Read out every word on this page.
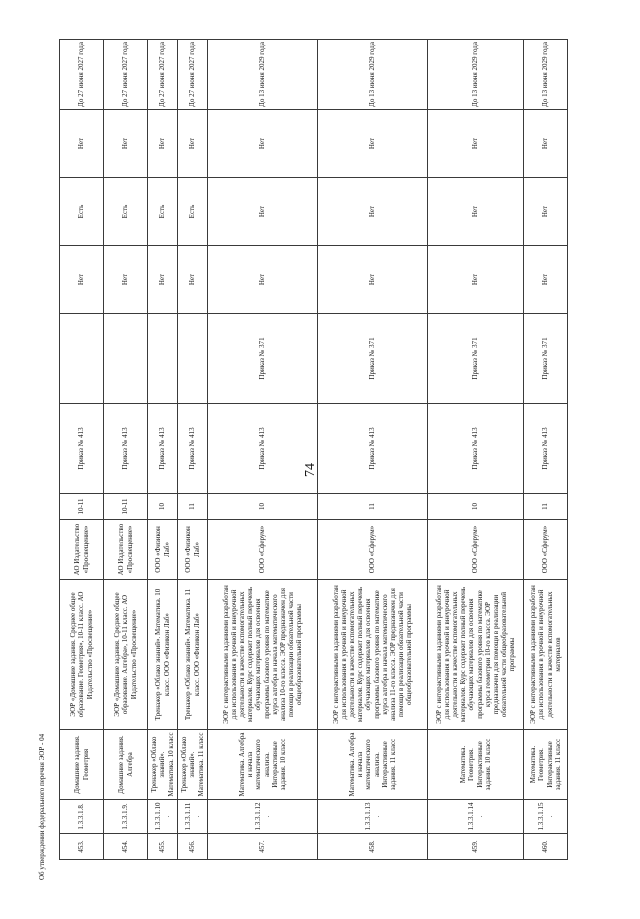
74
453.	1.3.3.1.8.	Домашние задания. Геометрия	ЭОР «Домашние задания. Среднее общее образование. Геометрия», 10-11 класс. АО Издательство «Просвещение»	АО Издательство «Просвещение»	10-11	Приказ № 413		Нет	Есть	Нет	До 27 июня 2027 года
454.	1.3.3.1.9.	Домашние задания. Алгебра	ЭОР «Домашние задания. Среднее общее образование. Алгебра», 10-11 класс. АО Издательство «Просвещение»	АО Издательство «Просвещение»	10-11	Приказ № 413		Нет	Есть	Нет	До 27 июня 2027 года
455.	1.3.3.1.10.	Тренажер «Облако знаний». Математика. 10 класс	Тренажер «Облако знаний». Математика. 10 класс. ООО «Физикон Лаб»	ООО «Физикон Лаб»	10	Приказ № 413		Нет	Есть	Нет	До 27 июня 2027 года
456.	1.3.3.1.11.	Тренажер «Облако знаний». Математика. 11 класс	Тренажер «Облако знаний». Математика. 11 класс. ООО «Физикон Лаб»	ООО «Физикон Лаб»	11	Приказ № 413		Нет	Есть	Нет	До 27 июня 2027 года
457.	1.3.3.1.12.	Математика. Алгебра и начала математического анализа. Интерактивные задания. 10 класс	ЭОР с интерактивными заданиями разработан для использования в урочной и внеурочной деятельности в качестве вспомогательных материалов. Курс содержит полный перечень обучающих материалов для освоения программы базового уровня по математике курса алгебра и начала математического анализа 10-го класса. ЭОР предназначен для помощи в реализации обязательной части общеобразовательной программы	ООО «Сферум»	10	Приказ № 413	Приказ № 371	Нет	Нет	Нет	До 13 июня 2029 года
458.	1.3.3.1.13.	Математика. Алгебра и начала математического анализа. Интерактивные задания. 11 класс	ЭОР с интерактивными заданиями разработан для использования в урочной и внеурочной деятельности в качестве вспомогательных материалов. Курс содержит полный перечень обучающих материалов для освоения программы базового уровня по математике курса алгебра и начала математического анализа 11-го класса. ЭОР предназначен для помощи в реализации обязательной части общеобразовательной программы	ООО «Сферум»	11	Приказ № 413	Приказ № 371	Нет	Нет	Нет	До 13 июня 2029 года
459.	1.3.3.1.14.	Математика. Геометрия. Интерактивные задания. 10 класс	ЭОР с интерактивными заданиями разработан для использования в урочной и внеурочной деятельности в качестве вспомогательных материалов. Курс содержит полный перечень обучающих материалов для освоения программы базового уровня по математике курса геометрии 10-го класса. ЭОР предназначен для помощи в реализации обязательной части общеобразовательной программы	ООО «Сферум»	10	Приказ № 413	Приказ № 371	Нет	Нет	Нет	До 13 июня 2029 года
460.	1.3.3.1.15.	Математика. Геометрия. Интерактивные задания. 11 класс	ЭОР с интерактивными заданиями разработан для использования в урочной и внеурочной деятельности в качестве вспомогательных материалов	ООО «Сферум»	11	Приказ № 413	Приказ № 371	Нет	Нет	Нет	До 13 июня 2029 года
Об утверждении федерального перечня ЭОР - 04
